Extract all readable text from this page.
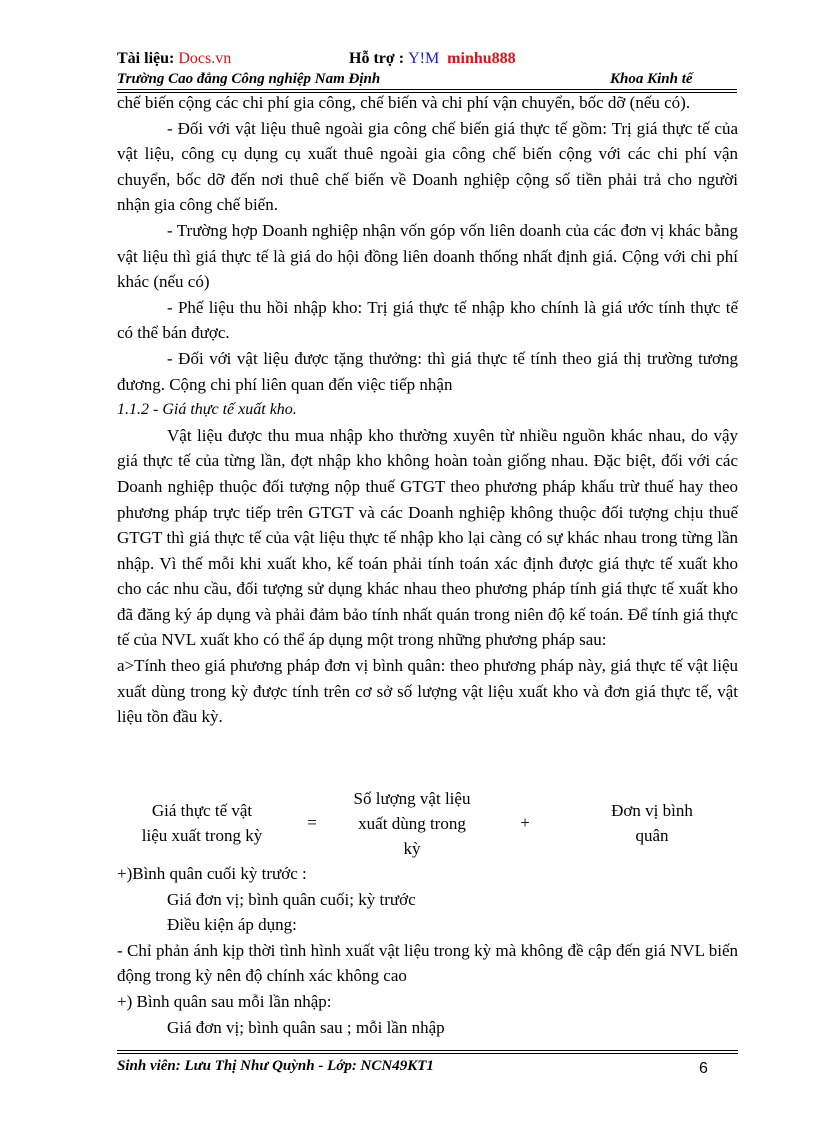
Tài liệu: Docs.vn	Hỗ trợ : Y!M minhu888
Trường Cao đẳng Công nghiệp Nam Định	Khoa Kinh tế

chế biến cộng các chi phí gia công, chế biến và chi phí vận chuyển, bốc dỡ (nếu có).

- Đối với vật liệu thuê ngoài gia công chế biến giá thực tế gồm: Trị giá thực tế của vật liệu, công cụ dụng cụ xuất thuê ngoài gia công chế biến cộng với các chi phí vận chuyển, bốc dỡ đến nơi thuê chế biến về Doanh nghiệp cộng số tiền phải trả cho người nhận gia công chế biến.

- Trường hợp Doanh nghiệp nhận vốn góp vốn liên doanh của các đơn vị khác bằng vật liệu thì giá thực tế là giá do hội đồng liên doanh thống nhất định giá. Cộng với chi phí khác (nếu có)

- Phế liệu thu hồi nhập kho: Trị giá thực tế nhập kho chính là giá ước tính thực tế có thể bán được.

- Đối với vật liệu được tặng thưởng: thì giá thực tế tính theo giá thị trường tương đương. Cộng chi phí liên quan đến việc tiếp nhận

1.1.2 - Giá thực tế xuất kho.

Vật liệu được thu mua nhập kho thường xuyên từ nhiều nguồn khác nhau, do vậy giá thực tế của từng lần, đợt nhập kho không hoàn toàn giống nhau. Đặc biệt, đối với các Doanh nghiệp thuộc đối tượng nộp thuế GTGT theo phương pháp khấu trừ thuế hay theo phương pháp trực tiếp trên GTGT và các Doanh nghiệp không thuộc đối tượng chịu thuế GTGT thì giá thực tế của vật liệu thực tế nhập kho lại càng có sự khác nhau trong từng lần nhập. Vì thế mỗi khi xuất kho, kế toán phải tính toán xác định được giá thực tế xuất kho cho các nhu cầu, đối tượng sử dụng khác nhau theo phương pháp tính giá thực tế xuất kho đã đăng ký áp dụng và phải đảm bảo tính nhất quán trong niên độ kế toán. Để tính giá thực tế của NVL xuất kho có thể áp dụng một trong những phương pháp sau:

a>Tính theo giá phương pháp đơn vị bình quân: theo phương pháp này, giá thực tế vật liệu xuất dùng trong kỳ được tính trên cơ sở số lượng vật liệu xuất kho và đơn giá thực tế, vật liệu tồn đầu kỳ.

Giá thực tế vật
liệu xuất trong kỳ
=
Số lượng vật liệu
xuất dùng trong
kỳ
+
Đơn vị bình
quân

+)Bình quân cuối kỳ trước :

Giá đơn vị; bình quân cuối; kỳ trước

Điều kiện áp dụng:

- Chỉ phản ánh kịp thời tình hình xuất vật liệu trong kỳ mà không đề cập đến giá NVL biến động trong kỳ nên độ chính xác không cao

+) Bình quân sau mỗi lần nhập:

Giá đơn vị; bình quân sau ; mỗi lần nhập

Sinh viên: Lưu Thị Như Quỳnh - Lớp: NCN49KT1	6
